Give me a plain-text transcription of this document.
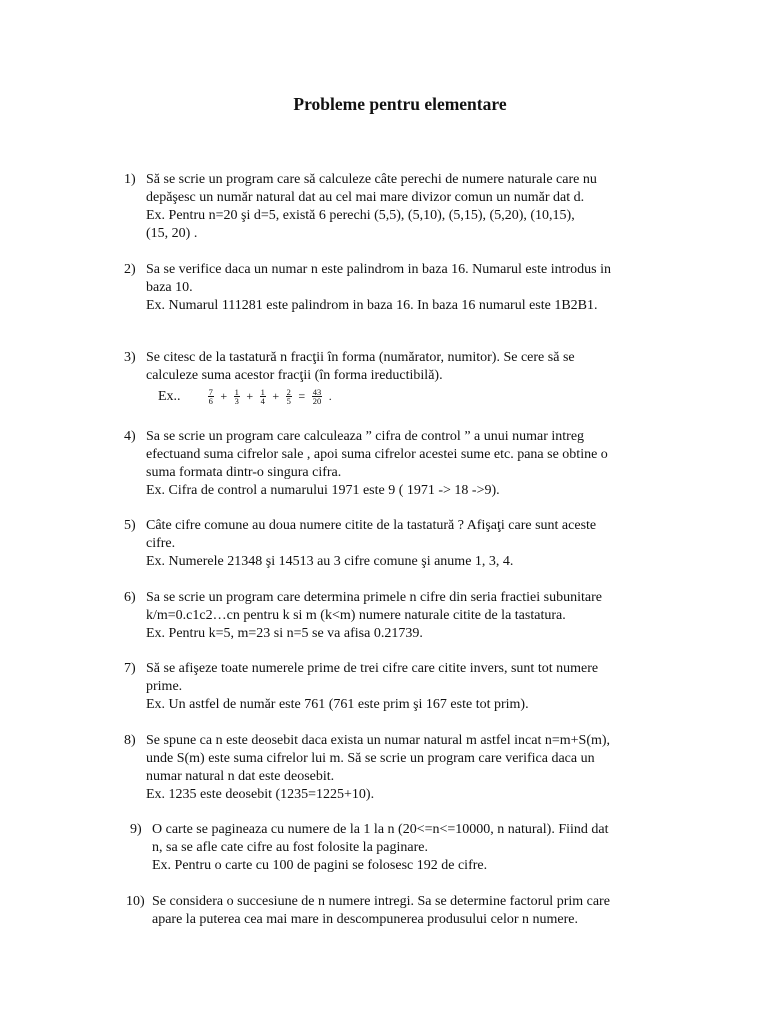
Probleme pentru elementare
1) Să se scrie un program care să calculeze câte perechi de numere naturale care nu
depăşesc un număr natural dat au cel mai mare divizor comun un număr dat d.
Ex. Pentru n=20 şi d=5, există 6 perechi (5,5), (5,10), (5,15), (5,20), (10,15),
(15, 20) .
2) Sa se verifice daca un numar n este palindrom in baza 16. Numarul este introdus in
baza 10.
Ex. Numarul 111281 este palindrom in baza 16. In baza 16 numarul este 1B2B1.
3) Se citesc de la tastatură n fracţii în forma (numărator, numitor). Se cere să se
calculeze suma acestor fracţii (în forma ireductibilă).
Ex..	$\frac{7}{6} + \frac{1}{3} + \frac{1}{4} + \frac{2}{5} = \frac{43}{20}$ .
4) Sa se scrie un program care calculeaza ” cifra de control ” a unui numar intreg
efectuand suma cifrelor sale , apoi suma cifrelor acestei sume etc. pana se obtine o
suma formata dintr-o singura cifra.
Ex. Cifra de control a numarului 1971 este 9 ( 1971 -> 18 ->9).
5) Câte cifre comune au doua numere citite de la tastatură ? Afişaţi care sunt aceste
cifre.
Ex. Numerele 21348 şi 14513 au 3 cifre comune şi anume 1, 3, 4.
6) Sa se scrie un program care determina primele n cifre din seria fractiei subunitare
k/m=0.c1c2…cn pentru k si m (k<m) numere naturale citite de la tastatura.
Ex. Pentru k=5, m=23 si n=5 se va afisa 0.21739.
7) Să se afişeze toate numerele prime de trei cifre care citite invers, sunt tot numere
prime.
Ex. Un astfel de număr este 761 (761 este prim şi 167 este tot prim).
8) Se spune ca n este deosebit daca exista un numar natural m astfel incat n=m+S(m),
unde S(m) este suma cifrelor lui m. Să se scrie un program care verifica daca un
numar natural n dat este deosebit.
Ex. 1235 este deosebit (1235=1225+10).
9) O carte se pagineaza cu numere de la 1 la n (20<=n<=10000, n natural). Fiind dat
n, sa se afle cate cifre au fost folosite la paginare.
Ex. Pentru o carte cu 100 de pagini se folosesc 192 de cifre.
10) Se considera o succesiune de n numere intregi. Sa se determine factorul prim care
apare la puterea cea mai mare in descompunerea produsului celor n numere.
